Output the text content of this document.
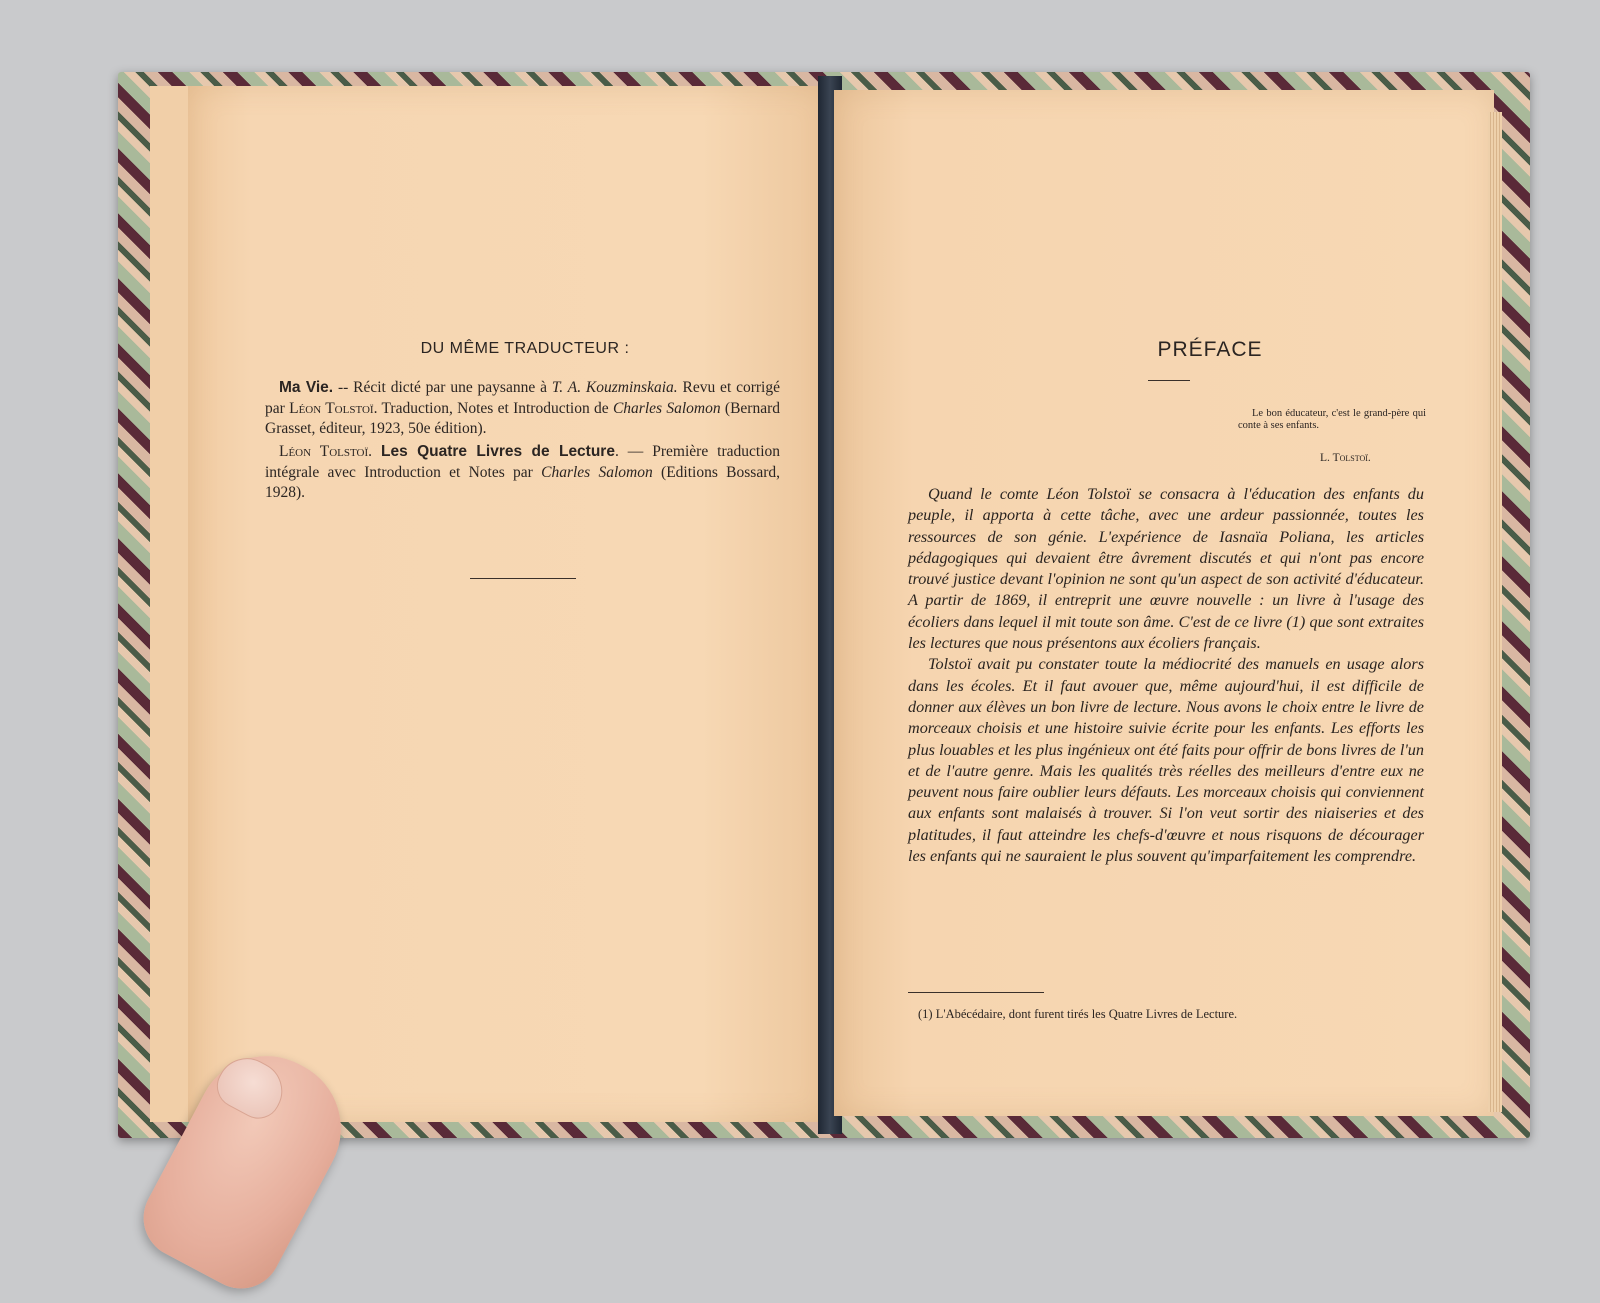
DU MÊME TRADUCTEUR :
Ma Vie. -- Récit dicté par une paysanne à T. A. Kouzminskaia. Revu et corrigé par Léon Tolstoï. Traduction, Notes et Introduction de Charles Salomon (Bernard Grasset, éditeur, 1923, 50e édition).
Léon Tolstoï. Les Quatre Livres de Lecture. — Première traduction intégrale avec Introduction et Notes par Charles Salomon (Editions Bossard, 1928).
PRÉFACE
Le bon éducateur, c'est le grand-père qui conte à ses enfants.
L. Tolstoï.

Quand le comte Léon Tolstoï se consacra à l'éducation des enfants du peuple, il apporta à cette tâche, avec une ardeur passionnée, toutes les ressources de son génie. L'expérience de Iasnaïa Poliana, les articles pédagogiques qui devaient être âvrement discutés et qui n'ont pas encore trouvé justice devant l'opinion ne sont qu'un aspect de son activité d'éducateur. A partir de 1869, il entreprit une œuvre nouvelle : un livre à l'usage des écoliers dans lequel il mit toute son âme. C'est de ce livre (1) que sont extraites les lectures que nous présentons aux écoliers français.

Tolstoï avait pu constater toute la médiocrité des manuels en usage alors dans les écoles. Et il faut avouer que, même aujourd'hui, il est difficile de donner aux élèves un bon livre de lecture. Nous avons le choix entre le livre de morceaux choisis et une histoire suivie écrite pour les enfants. Les efforts les plus louables et les plus ingénieux ont été faits pour offrir de bons livres de l'un et de l'autre genre. Mais les qualités très réelles des meilleurs d'entre eux ne peuvent nous faire oublier leurs défauts. Les morceaux choisis qui conviennent aux enfants sont malaisés à trouver. Si l'on veut sortir des niaiseries et des platitudes, il faut atteindre les chefs-d'œuvre et nous risquons de décourager les enfants qui ne sauraient le plus souvent qu'imparfaitement les comprendre.

(1) L'Abécédaire, dont furent tirés les Quatre Livres de Lecture.
